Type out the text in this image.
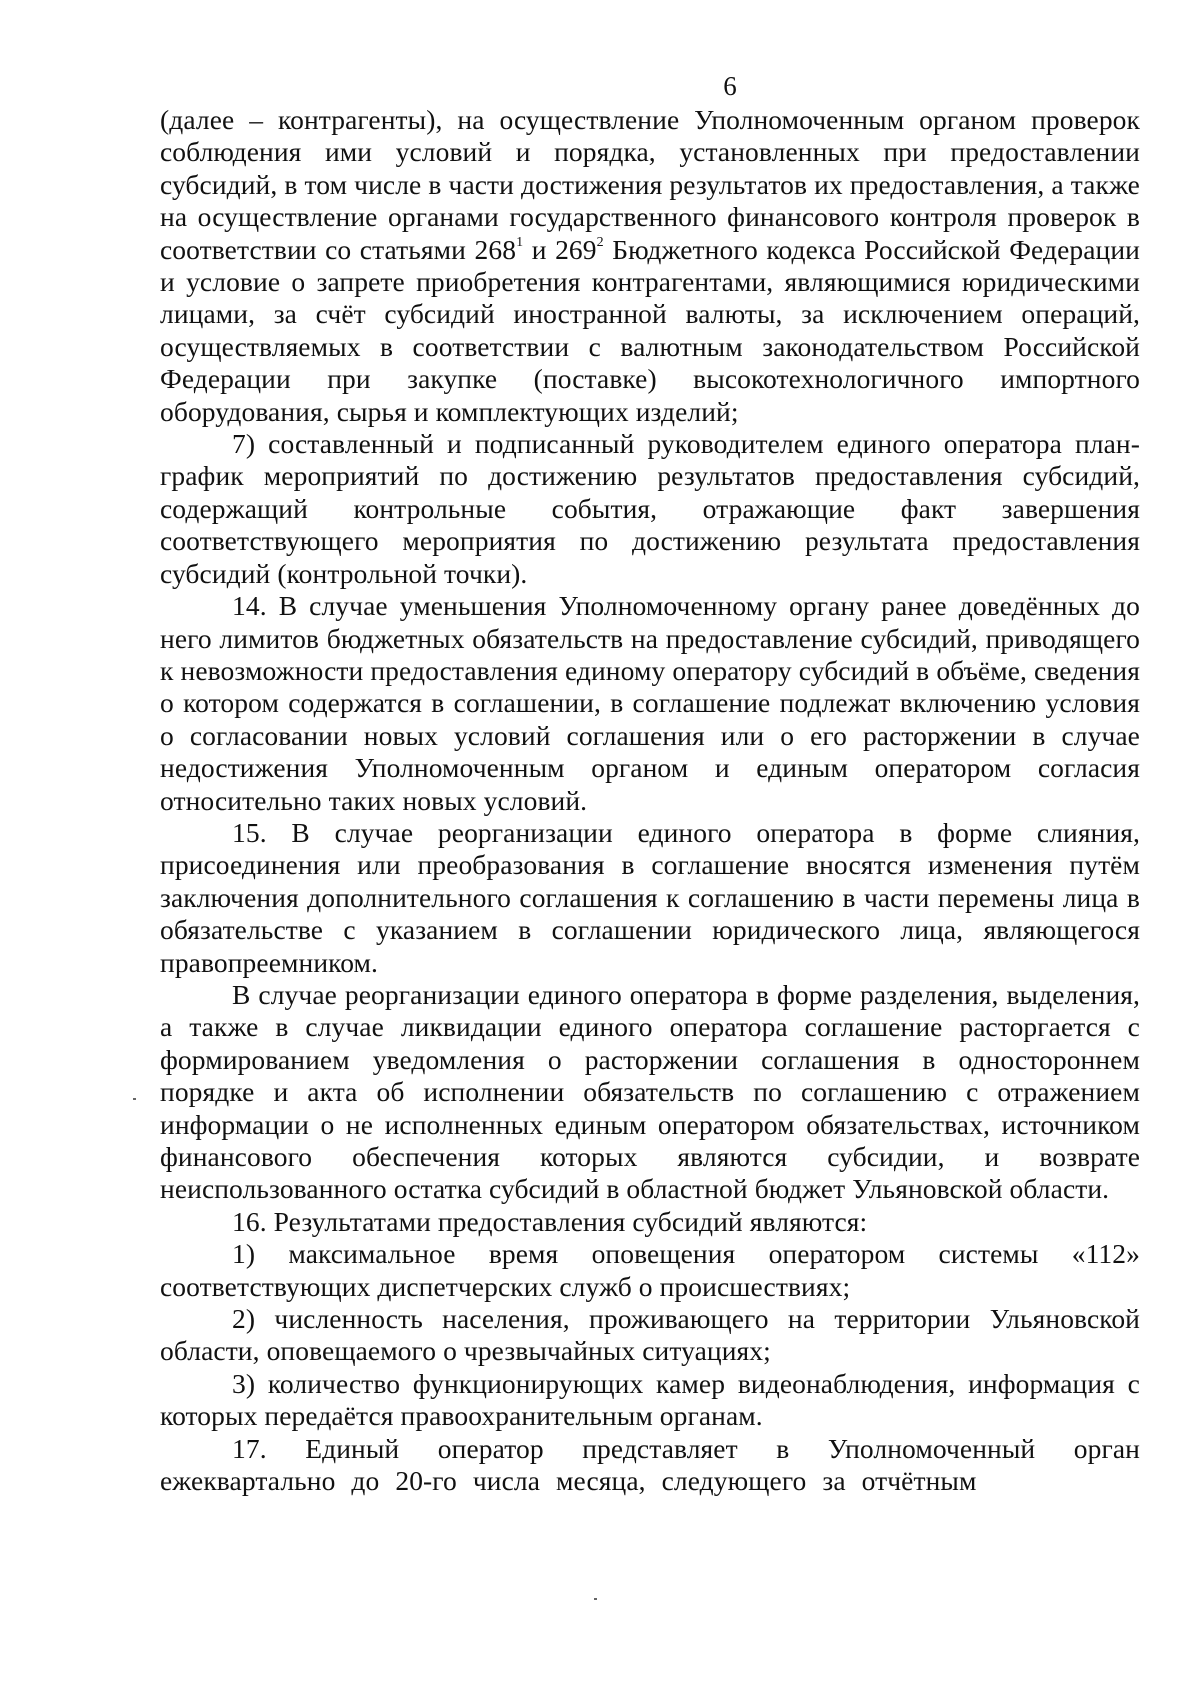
6

(далее – контрагенты), на осуществление Уполномоченным органом проверок соблюдения ими условий и порядка, установленных при предоставлении субсидий, в том числе в части достижения результатов их предоставления, а также на осуществление органами государственного финансового контроля проверок в соответствии со статьями $268^1$ и $269^2$ Бюджетного кодекса Российской Федерации и условие о запрете приобретения контрагентами, являющимися юридическими лицами, за счёт субсидий иностранной валюты, за исключением операций, осуществляемых в соответствии с валютным законодательством Российской Федерации при закупке (поставке) высокотехнологичного импортного оборудования, сырья и комплектующих изделий;

7) составленный и подписанный руководителем единого оператора план-график мероприятий по достижению результатов предоставления субсидий, содержащий контрольные события, отражающие факт завершения соответствующего мероприятия по достижению результата предоставления субсидий (контрольной точки).

14. В случае уменьшения Уполномоченному органу ранее доведённых до него лимитов бюджетных обязательств на предоставление субсидий, приводящего к невозможности предоставления единому оператору субсидий в объёме, сведения о котором содержатся в соглашении, в соглашение подлежат включению условия о согласовании новых условий соглашения или о его расторжении в случае недостижения Уполномоченным органом и единым оператором согласия относительно таких новых условий.

15. В случае реорганизации единого оператора в форме слияния, присоединения или преобразования в соглашение вносятся изменения путём заключения дополнительного соглашения к соглашению в части перемены лица в обязательстве с указанием в соглашении юридического лица, являющегося правопреемником.

В случае реорганизации единого оператора в форме разделения, выделения, а также в случае ликвидации единого оператора соглашение расторгается с формированием уведомления о расторжении соглашения в одностороннем порядке и акта об исполнении обязательств по соглашению с отражением информации о не исполненных единым оператором обязательствах, источником финансового обеспечения которых являются субсидии, и возврате неиспользованного остатка субсидий в областной бюджет Ульяновской области.

16. Результатами предоставления субсидий являются:

1) максимальное время оповещения оператором системы «112» соответствующих диспетчерских служб о происшествиях;

2) численность населения, проживающего на территории Ульяновской области, оповещаемого о чрезвычайных ситуациях;

3) количество функционирующих камер видеонаблюдения, информация с которых передаётся правоохранительным органам.

17. Единый оператор представляет в Уполномоченный орган ежеквартально до 20-го числа месяца, следующего за отчётным
